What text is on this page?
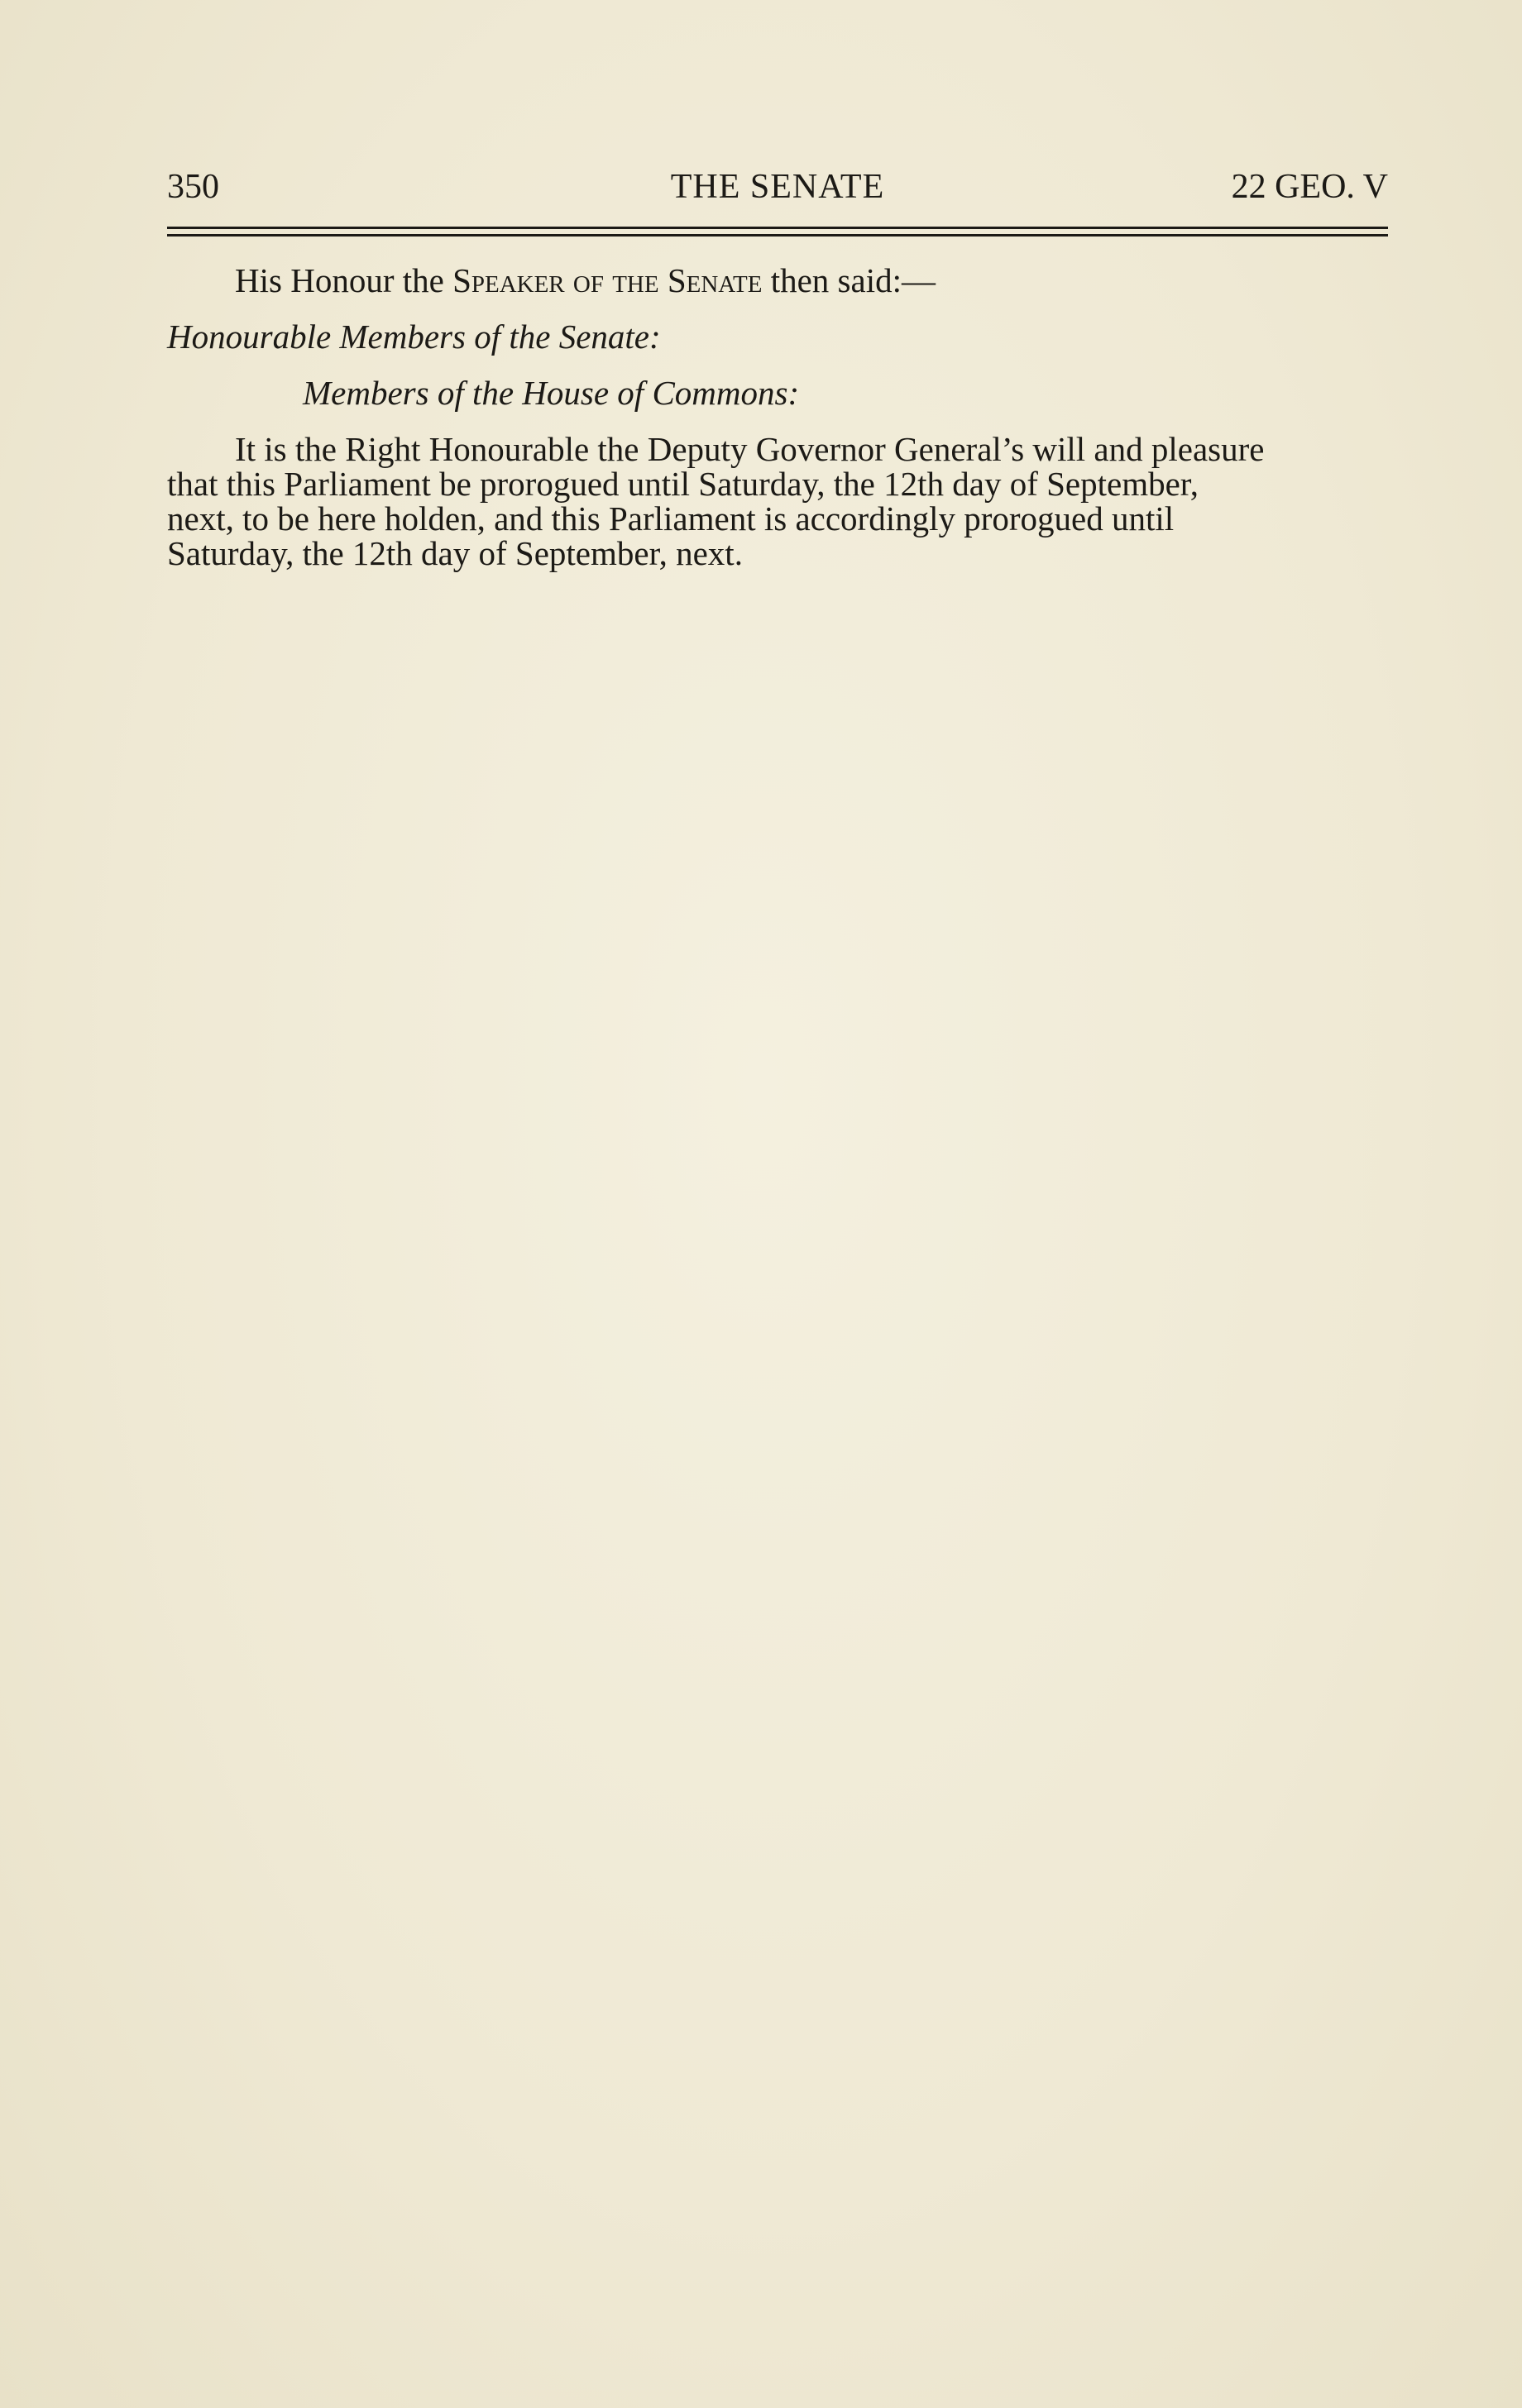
350	THE SENATE	22 GEO. V
His Honour the Speaker of the Senate then said:—
Honourable Members of the Senate:
Members of the House of Commons:
It is the Right Honourable the Deputy Governor General’s will and pleasure
that this Parliament be prorogued until Saturday, the 12th day of September,
next, to be here holden, and this Parliament is accordingly prorogued until
Saturday, the 12th day of September, next.
